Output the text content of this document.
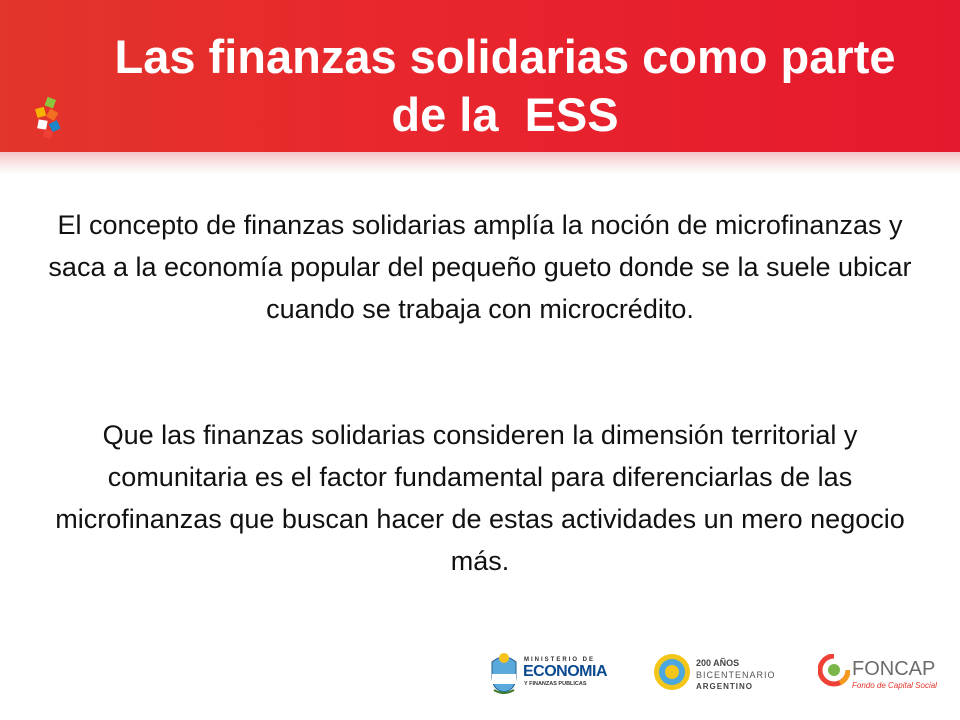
Las finanzas solidarias como parte
de la  ESS

El concepto de finanzas solidarias amplía la noción de microfinanzas y saca a la economía popular del pequeño gueto donde se la suele ubicar cuando se trabaja con microcrédito.

Que las finanzas solidarias consideren la dimensión territorial y comunitaria es el factor fundamental para diferenciarlas de las microfinanzas que buscan hacer de estas actividades un mero negocio más.

MINISTERIO DE
ECONOMIA
Y FINANZAS PUBLICAS
200 AÑOS
BICENTENARIO
ARGENTINO
FONCAP
Fondo de Capital Social
